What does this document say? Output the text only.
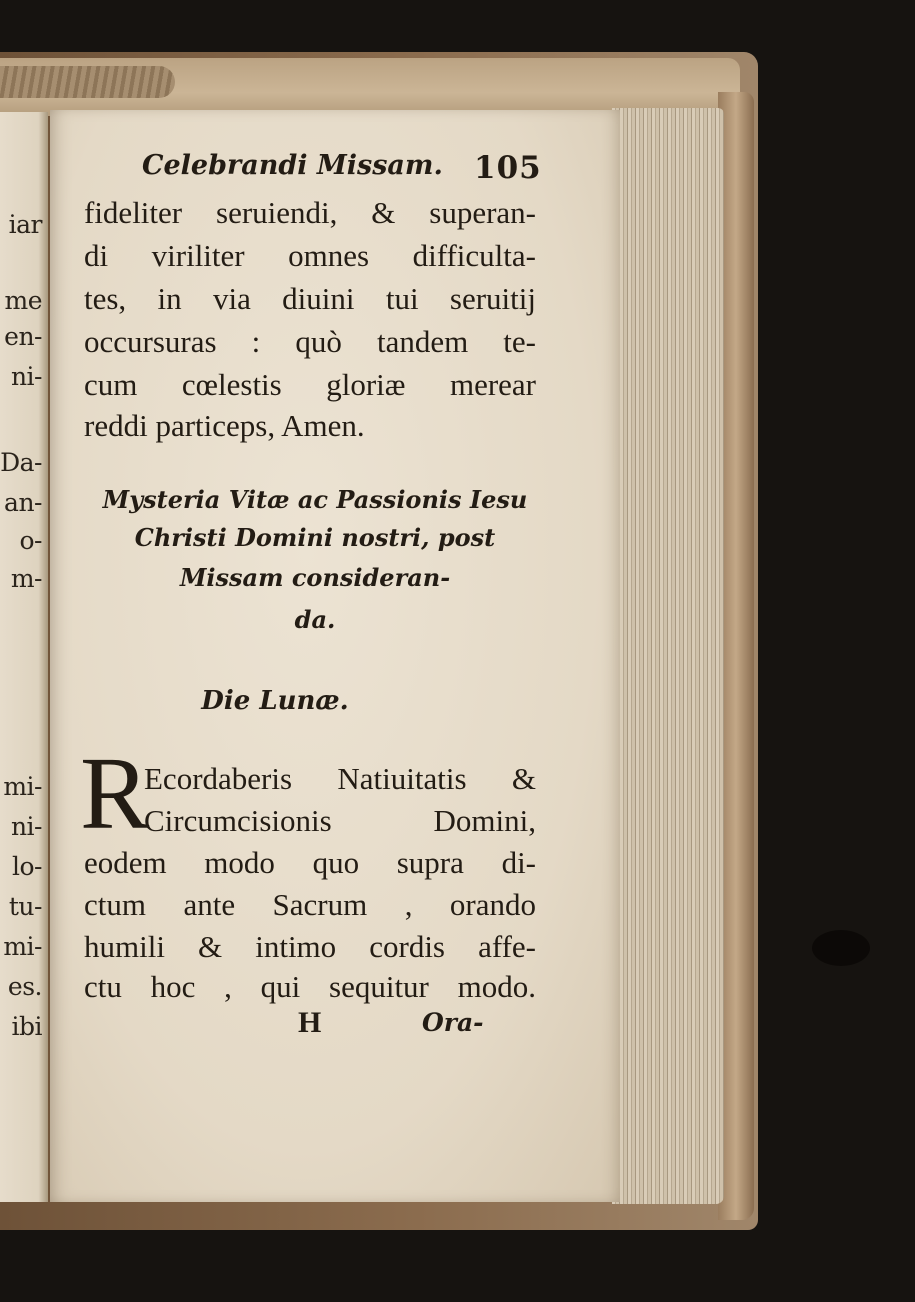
iar
me
en-
ni-
Da-
an-
o-
m-
mi-
ni-
lo-
tu-
mi-
es.
ibi
Celebrandi Missam. 105
fideliter seruiendi, & superan-
di viriliter omnes difficulta-
tes, in via diuini tui seruitij
occursuras : quò tandem te-
cum cœlestis gloriæ merear
reddi particeps, Amen.
Mysteria Vitæ ac Passionis Iesu
Christi Domini nostri, post
Missam consideran-
da.
Die Lunæ.
R
Ecordaberis Natiuitatis &
Circumcisionis Domini,
eodem modo quo supra di-
ctum ante Sacrum , orando
humili & intimo cordis affe-
ctu hoc , qui sequitur modo.
H	Ora-
